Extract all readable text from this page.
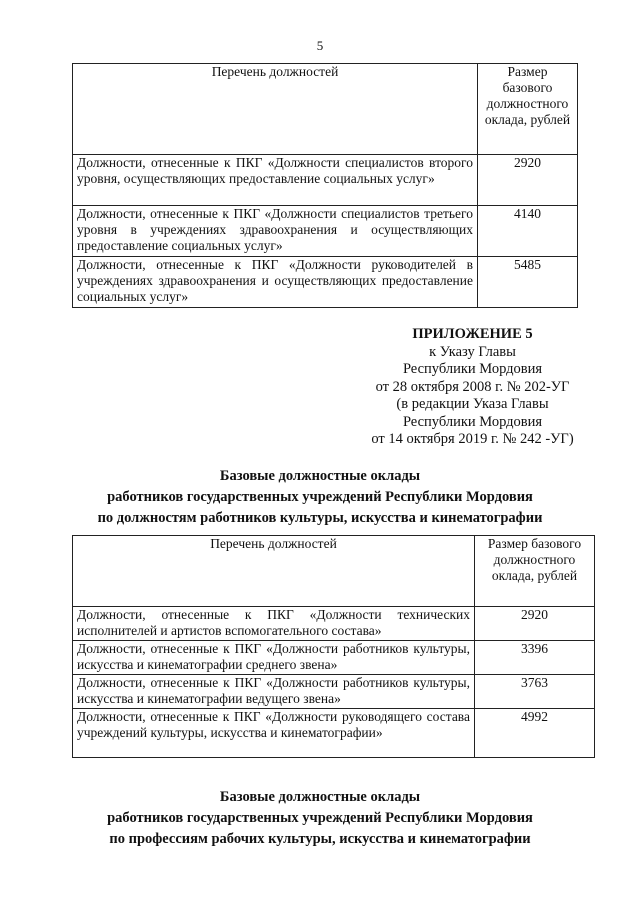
5
Перечень должностей	Размер базового должностного оклада, рублей
Должности, отнесенные к ПКГ «Должности специалистов второго уровня, осуществляющих предоставление социальных услуг»	2920
Должности, отнесенные к ПКГ «Должности специалистов третьего уровня в учреждениях здравоохранения и осуществляющих предоставление социальных услуг»	4140
Должности, отнесенные к ПКГ «Должности руководителей в учреждениях здравоохранения и осуществляющих предоставление социальных услуг»	5485
ПРИЛОЖЕНИЕ 5
к Указу Главы
Республики Мордовия
от 28 октября 2008 г. № 202-УГ
(в редакции Указа Главы
Республики Мордовия
от 14 октября 2019 г. № 242 -УГ)
Базовые должностные оклады
работников государственных учреждений Республики Мордовия
по должностям работников культуры, искусства и кинематографии
Перечень должностей	Размер базового должностного оклада, рублей
Должности, отнесенные к ПКГ «Должности технических исполнителей и артистов вспомогательного состава»	2920
Должности, отнесенные к ПКГ «Должности работников культуры, искусства и кинематографии среднего звена»	3396
Должности, отнесенные к ПКГ «Должности работников культуры, искусства и кинематографии ведущего звена»	3763
Должности, отнесенные к ПКГ «Должности руководящего состава учреждений культуры, искусства и кинематографии»	4992
Базовые должностные оклады
работников государственных учреждений Республики Мордовия
по профессиям рабочих культуры, искусства и кинематографии
